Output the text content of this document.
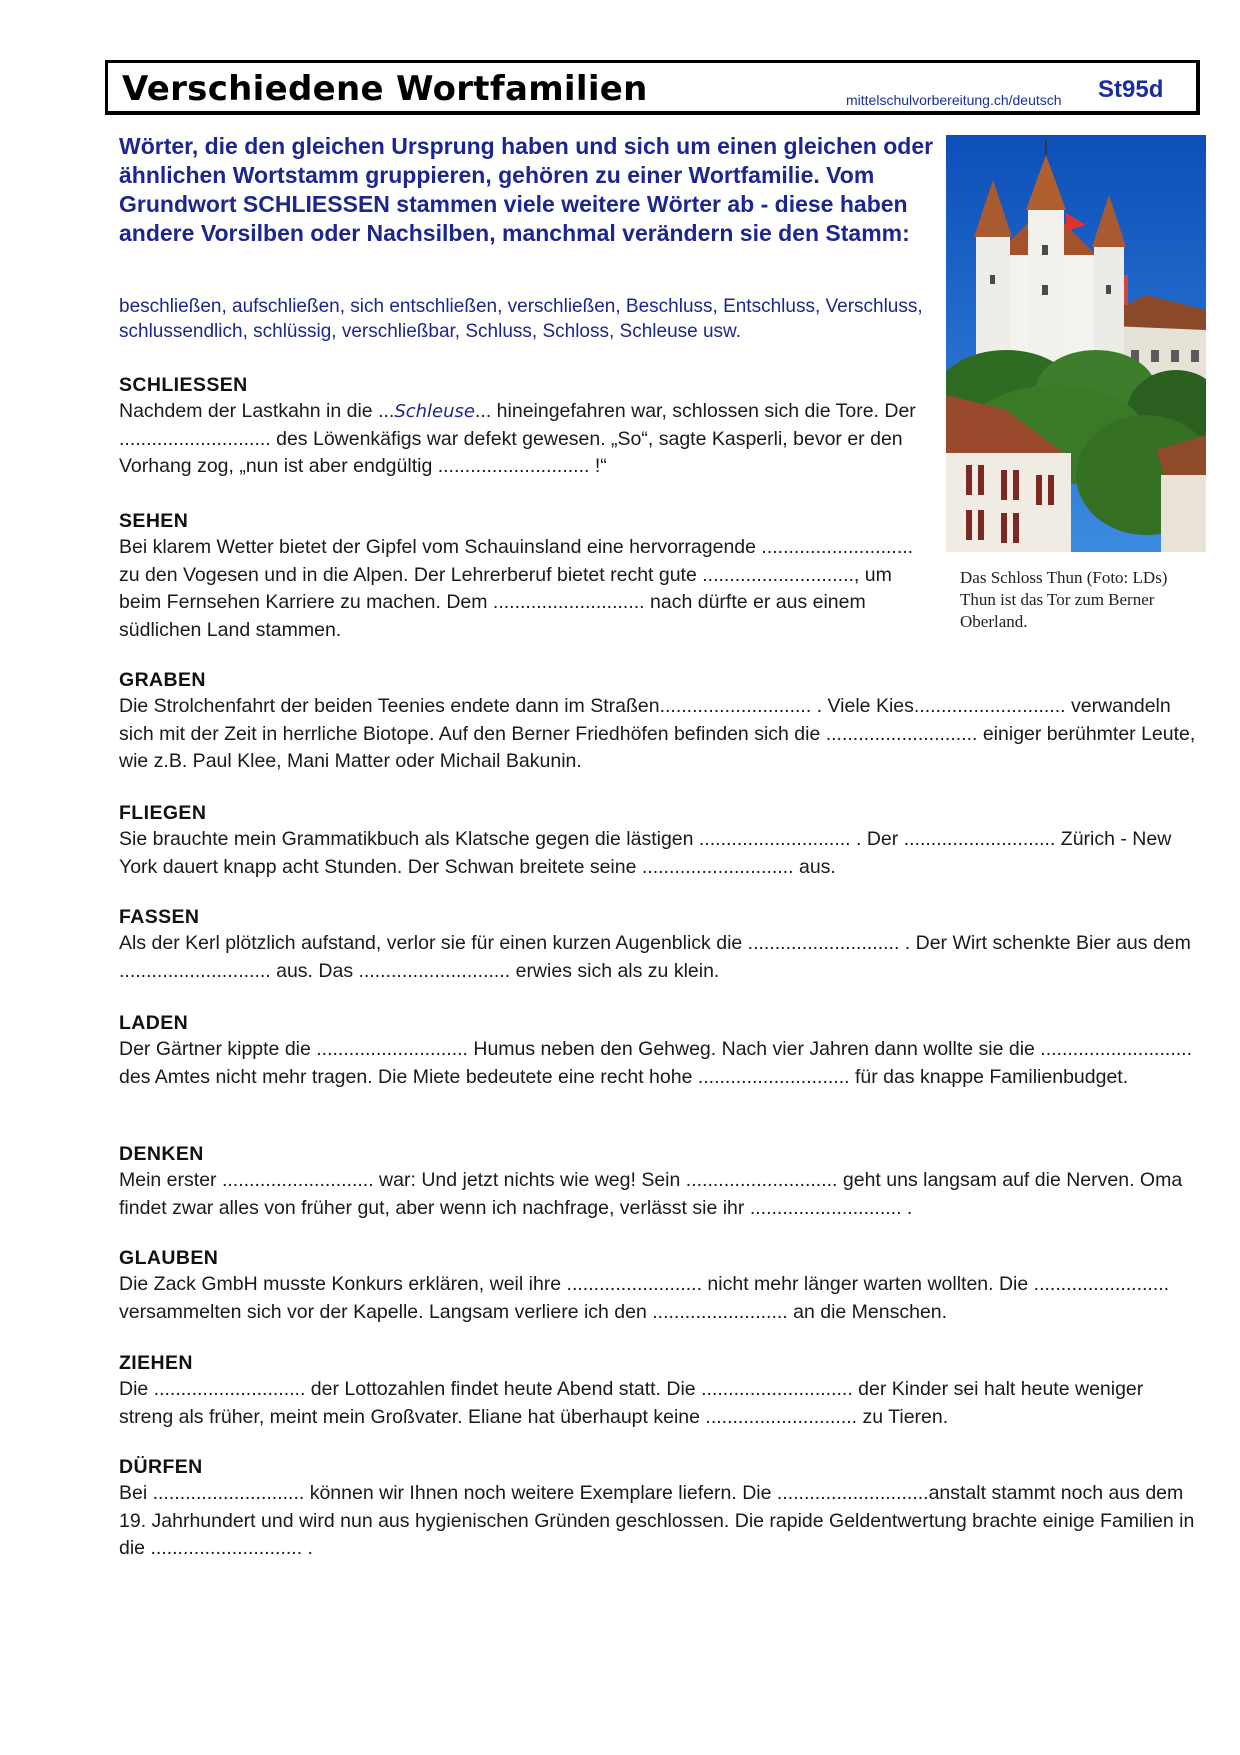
Verschiedene Wortfamilien	mittelschulvorbereitung.ch/deutsch St95d
Wörter, die den gleichen Ursprung haben und sich um einen gleichen oder ähnlichen Wortstamm gruppieren, gehören zu einer Wortfamilie. Vom Grundwort SCHLIESSEN stammen viele weitere Wörter ab - diese haben andere Vorsilben oder Nachsilben, manchmal verändern sie den Stamm:
beschließen, aufschließen, sich entschließen, verschließen, Beschluss, Entschluss, Verschluss, schlussendlich, schlüssig, verschließbar, Schluss, Schloss, Schleuse usw.
Das Schloss Thun (Foto: LDs) Thun ist das Tor zum Berner Oberland.
SCHLIESSEN

Nachdem der Lastkahn in die ...Schleuse... hineingefahren war, schlossen sich die Tore. Der ............................ des Löwenkäfigs war defekt gewesen. „So“, sagte Kasperli, bevor er den Vorhang zog, „nun ist aber endgültig ............................ !“

SEHEN

Bei klarem Wetter bietet der Gipfel vom Schauinsland eine hervorragende ............................ zu den Vogesen und in die Alpen. Der Lehrerberuf bietet recht gute ............................, um beim Fernsehen Karriere zu machen. Dem ............................ nach dürfte er aus einem südlichen Land stammen.

GRABEN

Die Strolchenfahrt der beiden Teenies endete dann im Straßen............................ . Viele Kies............................ verwandeln sich mit der Zeit in herrliche Biotope. Auf den Berner Friedhöfen befinden sich die ............................ einiger berühmter Leute, wie z.B. Paul Klee, Mani Matter oder Michail Bakunin.

FLIEGEN

Sie brauchte mein Grammatikbuch als Klatsche gegen die lästigen ............................ . Der ............................ Zürich - New York dauert knapp acht Stunden. Der Schwan breitete seine ............................ aus.

FASSEN

Als der Kerl plötzlich aufstand, verlor sie für einen kurzen Augenblick die ............................ . Der Wirt schenkte Bier aus dem ............................ aus. Das ............................ erwies sich als zu klein.

LADEN

Der Gärtner kippte die ............................ Humus neben den Gehweg. Nach vier Jahren dann wollte sie die ............................ des Amtes nicht mehr tragen. Die Miete bedeutete eine recht hohe ............................ für das knappe Familienbudget.

DENKEN

Mein erster ............................ war: Und jetzt nichts wie weg! Sein ............................ geht uns langsam auf die Nerven. Oma findet zwar alles von früher gut, aber wenn ich nachfrage, verlässt sie ihr ............................ .

GLAUBEN

Die Zack GmbH musste Konkurs erklären, weil ihre ......................... nicht mehr länger warten wollten. Die ......................... versammelten sich vor der Kapelle. Langsam verliere ich den ......................... an die Menschen.

ZIEHEN

Die ............................ der Lottozahlen findet heute Abend statt. Die ............................ der Kinder sei halt heute weniger streng als früher, meint mein Großvater. Eliane hat überhaupt keine ............................ zu Tieren.

DÜRFEN

Bei ............................ können wir Ihnen noch weitere Exemplare liefern. Die ............................anstalt stammt noch aus dem 19. Jahrhundert und wird nun aus hygienischen Gründen geschlossen. Die rapide Geldentwertung brachte einige Familien in die ............................ .
